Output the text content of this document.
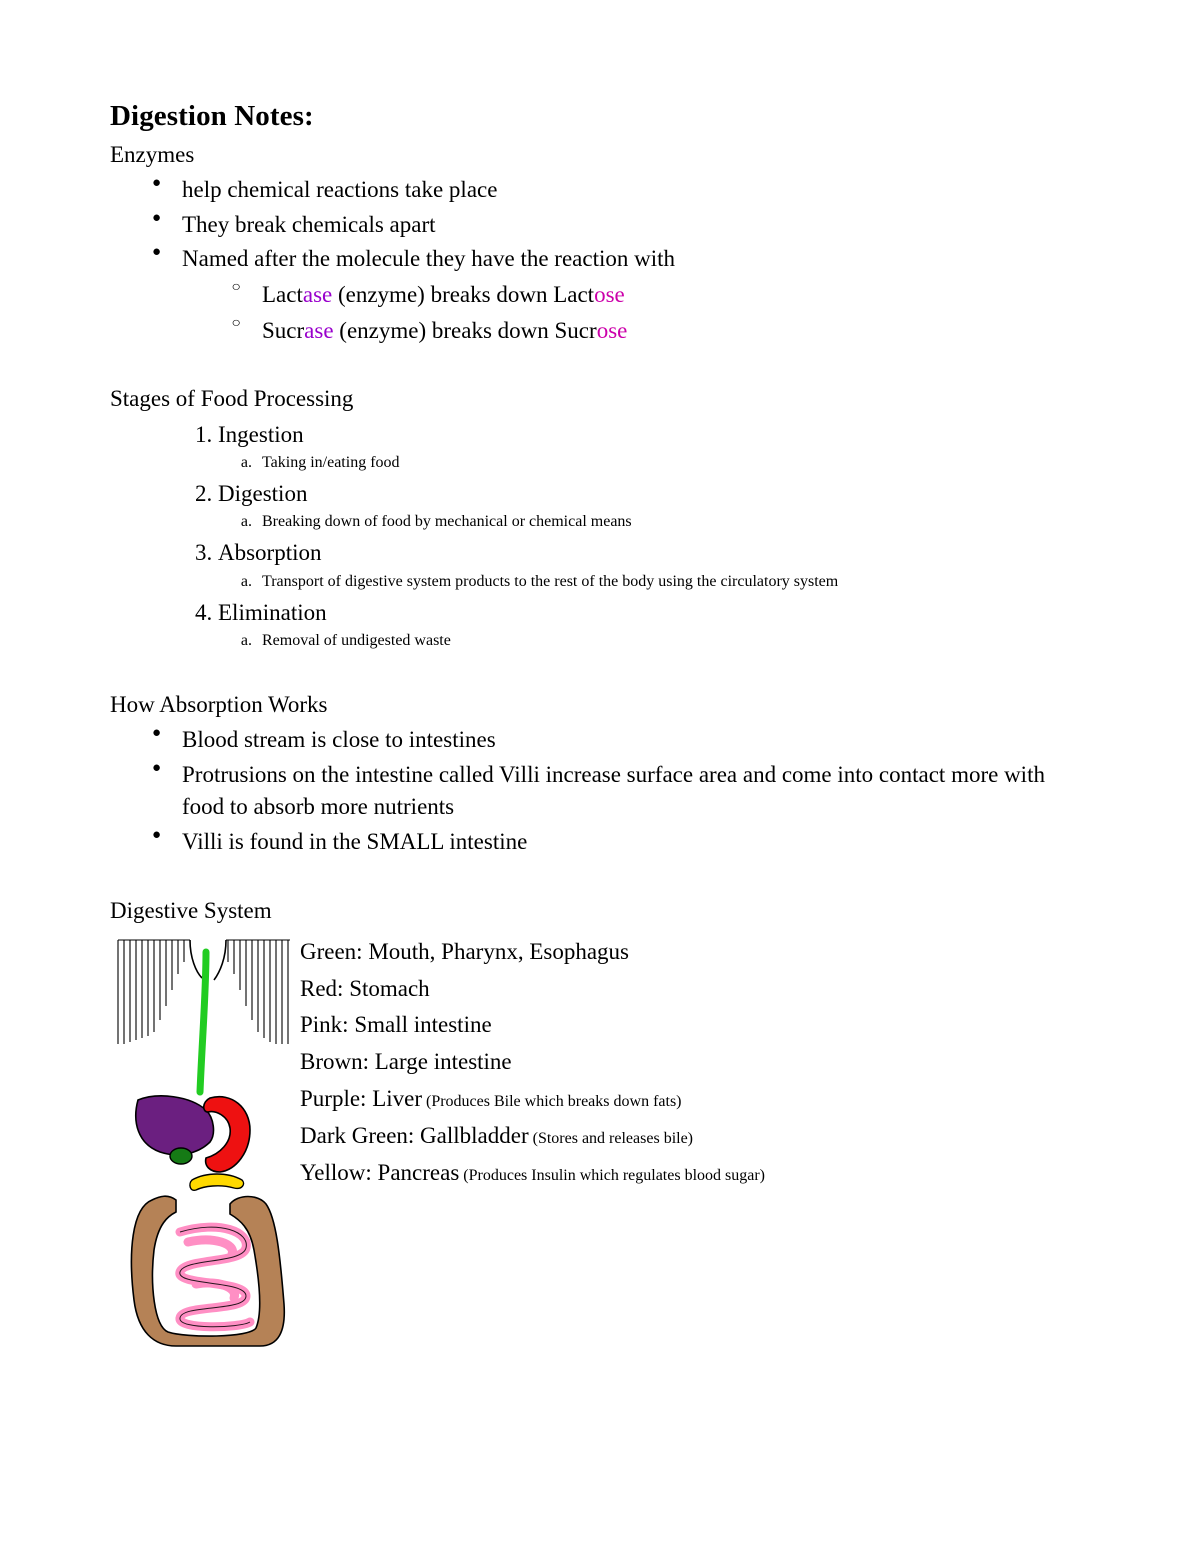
Digestion Notes:
Enzymes
● help chemical reactions take place
● They break chemicals apart
● Named after the molecule they have the reaction with
○ Lactase (enzyme) breaks down Lactose
○ Sucrase (enzyme) breaks down Sucrose
Stages of Food Processing
1. Ingestion
a. Taking in/eating food
2. Digestion
a. Breaking down of food by mechanical or chemical means
3. Absorption
a. Transport of digestive system products to the rest of the body using the circulatory system
4. Elimination
a. Removal of undigested waste
How Absorption Works
● Blood stream is close to intestines
● Protrusions on the intestine called Villi increase surface area and come into contact more with food to absorb more nutrients
● Villi is found in the SMALL intestine
Digestive System
Green: Mouth, Pharynx, Esophagus
Red: Stomach
Pink: Small intestine
Brown: Large intestine
Purple: Liver (Produces Bile which breaks down fats)
Dark Green: Gallbladder (Stores and releases bile)
Yellow: Pancreas (Produces Insulin which regulates blood sugar)
